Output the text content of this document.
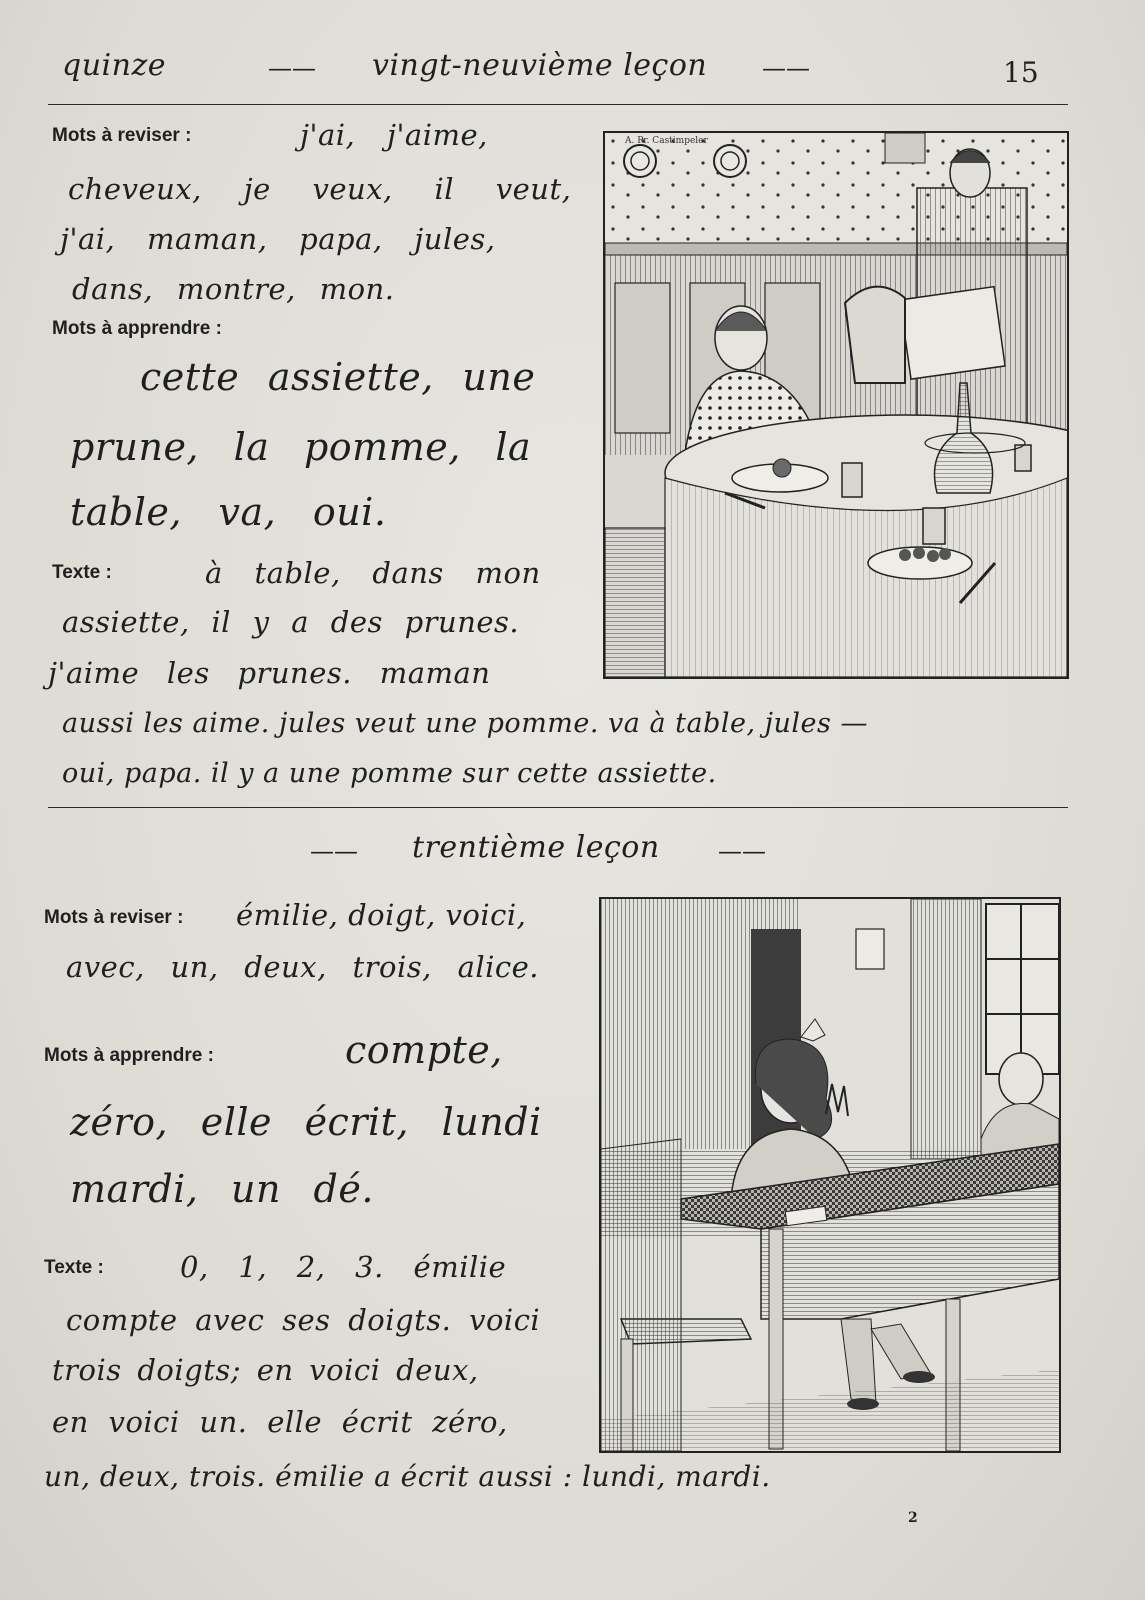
quinze	—— vingt-neuvième leçon ——	15
Mots à reviser :	j'ai, j'aime,
cheveux, je veux, il veut,
j'ai, maman, papa, jules,
dans, montre, mon.
Mots à apprendre :
cette assiette, une
prune, la pomme, la
table, va, oui.
Texte :	à table, dans mon
assiette, il y a des prunes.
j'aime les prunes. maman
aussi les aime. jules veut une pomme. va à table, jules —
oui, papa. il y a une pomme sur cette assiette.
A. Pr. Castimpeler
—— trentième leçon ——
Mots à reviser : émilie, doigt, voici,
avec, un, deux, trois, alice.
Mots à apprendre :	compte,
zéro, elle écrit, lundi
mardi, un dé.
Texte :	0, 1, 2, 3. émilie
compte avec ses doigts. voici
trois doigts; en voici deux,
en voici un. elle écrit zéro,
un, deux, trois. émilie a écrit aussi : lundi, mardi.
2
